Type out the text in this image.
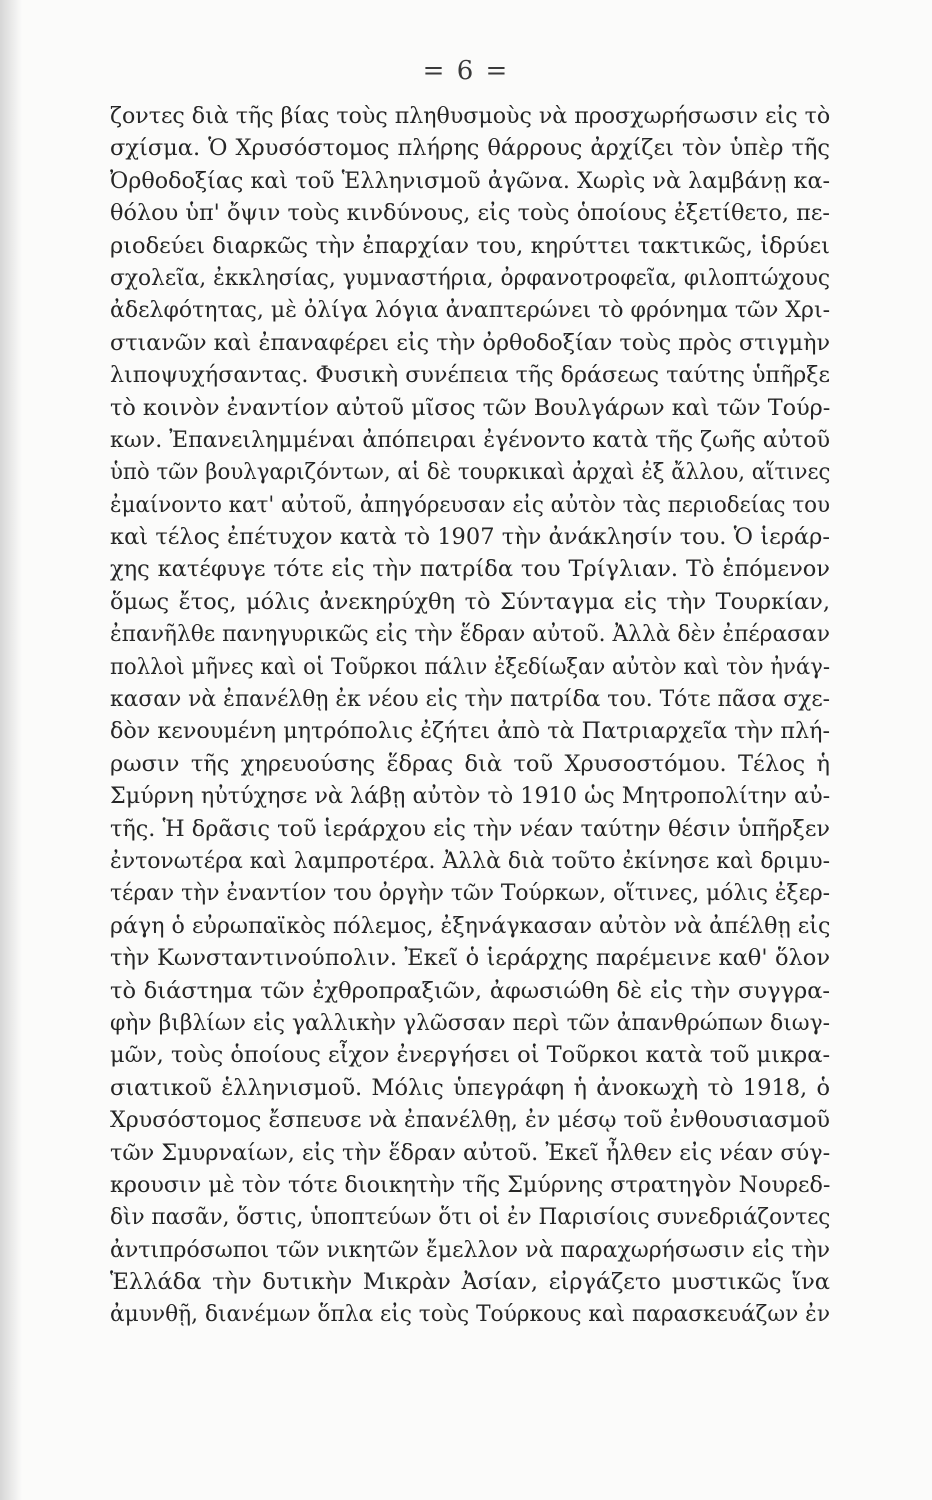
= 6 =
ζοντες διὰ τῆς βίας τοὺς πληθυσμοὺς νὰ προσχωρήσωσιν εἰς τὸ
σχίσμα. Ὁ Χρυσόστομος πλήρης θάρρους ἀρχίζει τὸν ὑπὲρ τῆς
Ὀρθοδοξίας καὶ τοῦ Ἑλληνισμοῦ ἀγῶνα. Χωρὶς νὰ λαμβάνῃ κα-
θόλου ὑπ' ὄψιν τοὺς κινδύνους, εἰς τοὺς ὁποίους ἐξετίθετο, πε-
ριοδεύει διαρκῶς τὴν ἐπαρχίαν του, κηρύττει τακτικῶς, ἱδρύει
σχολεῖα, ἐκκλησίας, γυμναστήρια, ὀρφανοτροφεῖα, φιλοπτώχους
ἀδελφότητας, μὲ ὀλίγα λόγια ἀναπτερώνει τὸ φρόνημα τῶν Χρι-
στιανῶν καὶ ἐπαναφέρει εἰς τὴν ὀρθοδοξίαν τοὺς πρὸς στιγμὴν
λιποψυχήσαντας. Φυσικὴ συνέπεια τῆς δράσεως ταύτης ὑπῆρξε
τὸ κοινὸν ἐναντίον αὐτοῦ μῖσος τῶν Βουλγάρων καὶ τῶν Τούρ-
κων. Ἐπανειλημμέναι ἀπόπειραι ἐγένοντο κατὰ τῆς ζωῆς αὐτοῦ
ὑπὸ τῶν βουλγαριζόντων, αἱ δὲ τουρκικαὶ ἀρχαὶ ἐξ ἄλλου, αἵτινες
ἐμαίνοντο κατ' αὐτοῦ, ἀπηγόρευσαν εἰς αὐτὸν τὰς περιοδείας του
καὶ τέλος ἐπέτυχον κατὰ τὸ 1907 τὴν ἀνάκλησίν του. Ὁ ἱεράρ-
χης κατέφυγε τότε εἰς τὴν πατρίδα του Τρίγλιαν. Τὸ ἑπόμενον
ὅμως ἔτος, μόλις ἀνεκηρύχθη τὸ Σύνταγμα εἰς τὴν Τουρκίαν,
ἐπανῆλθε πανηγυρικῶς εἰς τὴν ἕδραν αὐτοῦ. Ἀλλὰ δὲν ἐπέρασαν
πολλοὶ μῆνες καὶ οἱ Τοῦρκοι πάλιν ἐξεδίωξαν αὐτὸν καὶ τὸν ἠνάγ-
κασαν νὰ ἐπανέλθῃ ἐκ νέου εἰς τὴν πατρίδα του. Τότε πᾶσα σχε-
δὸν κενουμένη μητρόπολις ἐζήτει ἀπὸ τὰ Πατριαρχεῖα τὴν πλή-
ρωσιν τῆς χηρευούσης ἕδρας διὰ τοῦ Χρυσοστόμου. Τέλος ἡ
Σμύρνη ηὐτύχησε νὰ λάβῃ αὐτὸν τὸ 1910 ὡς Μητροπολίτην αὐ-
τῆς. Ἡ δρᾶσις τοῦ ἱεράρχου εἰς τὴν νέαν ταύτην θέσιν ὑπῆρξεν
ἐντονωτέρα καὶ λαμπροτέρα. Ἀλλὰ διὰ τοῦτο ἐκίνησε καὶ δριμυ-
τέραν τὴν ἐναντίον του ὀργὴν τῶν Τούρκων, οἵτινες, μόλις ἐξερ-
ράγη ὁ εὐρωπαϊκὸς πόλεμος, ἐξηνάγκασαν αὐτὸν νὰ ἀπέλθῃ εἰς
τὴν Κωνσταντινούπολιν. Ἐκεῖ ὁ ἱεράρχης παρέμεινε καθ' ὅλον
τὸ διάστημα τῶν ἐχθροπραξιῶν, ἀφωσιώθη δὲ εἰς τὴν συγγρα-
φὴν βιβλίων εἰς γαλλικὴν γλῶσσαν περὶ τῶν ἀπανθρώπων διωγ-
μῶν, τοὺς ὁποίους εἶχον ἐνεργήσει οἱ Τοῦρκοι κατὰ τοῦ μικρα-
σιατικοῦ ἑλληνισμοῦ. Μόλις ὑπεγράφη ἡ ἀνοκωχὴ τὸ 1918, ὁ
Χρυσόστομος ἔσπευσε νὰ ἐπανέλθῃ, ἐν μέσῳ τοῦ ἐνθουσιασμοῦ
τῶν Σμυρναίων, εἰς τὴν ἕδραν αὐτοῦ. Ἐκεῖ ἦλθεν εἰς νέαν σύγ-
κρουσιν μὲ τὸν τότε διοικητὴν τῆς Σμύρνης στρατηγὸν Νουρεδ-
δὶν πασᾶν, ὅστις, ὑποπτεύων ὅτι οἱ ἐν Παρισίοις συνεδριάζοντες
ἀντιπρόσωποι τῶν νικητῶν ἔμελλον νὰ παραχωρήσωσιν εἰς τὴν
Ἑλλάδα τὴν δυτικὴν Μικρὰν Ἀσίαν, εἰργάζετο μυστικῶς ἵνα
ἀμυνθῇ, διανέμων ὅπλα εἰς τοὺς Τούρκους καὶ παρασκευάζων ἐν
